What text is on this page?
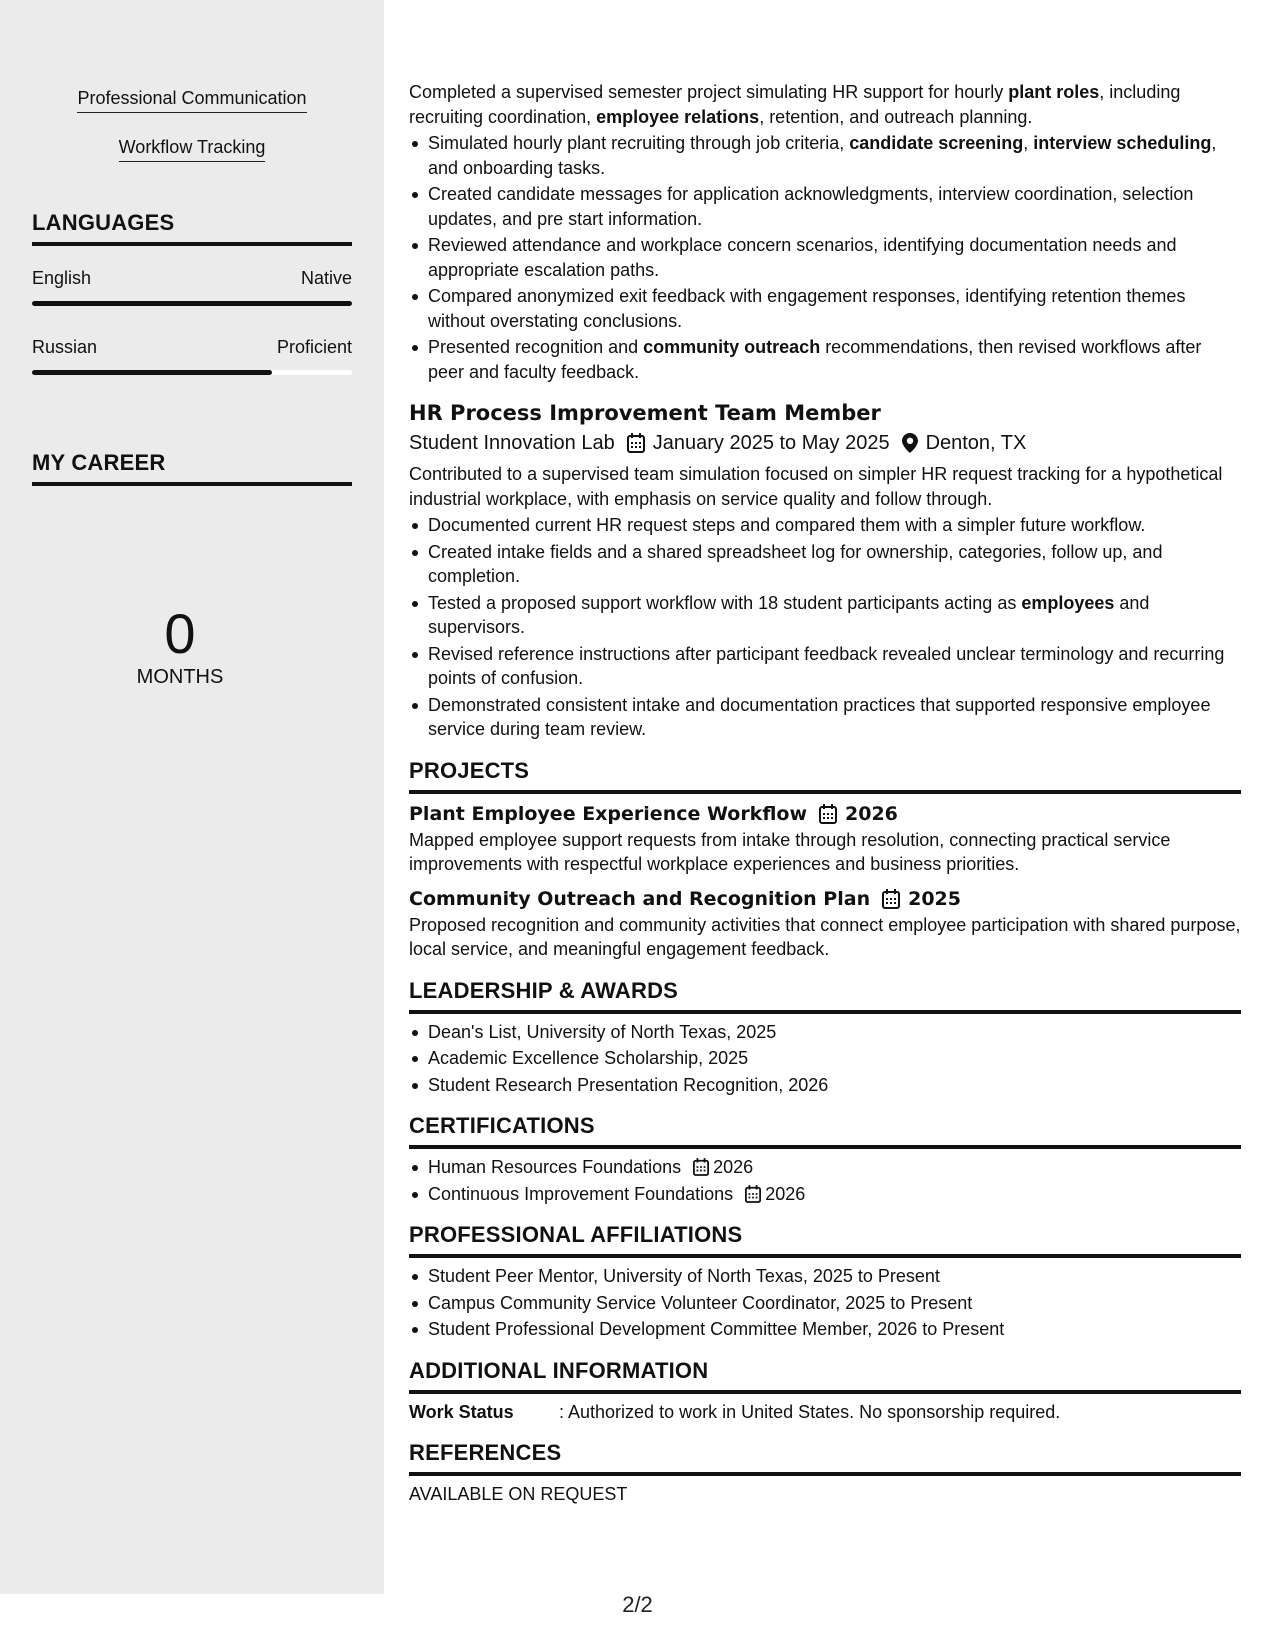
Professional Communication
Workflow Tracking
LANGUAGES
English	Native
Russian	Proficient
MY CAREER
0
MONTHS

Completed a supervised semester project simulating HR support for hourly plant roles, including recruiting coordination, employee relations, retention, and outreach planning.

Simulated hourly plant recruiting through job criteria, candidate screening, interview scheduling, and onboarding tasks.
Created candidate messages for application acknowledgments, interview coordination, selection updates, and pre start information.
Reviewed attendance and workplace concern scenarios, identifying documentation needs and appropriate escalation paths.
Compared anonymized exit feedback with engagement responses, identifying retention themes without overstating conclusions.
Presented recognition and community outreach recommendations, then revised workflows after peer and faculty feedback.
HR Process Improvement Team Member
Student Innovation Lab January 2025 to May 2025 Denton, TX

Contributed to a supervised team simulation focused on simpler HR request tracking for a hypothetical industrial workplace, with emphasis on service quality and follow through.

Documented current HR request steps and compared them with a simpler future workflow.
Created intake fields and a shared spreadsheet log for ownership, categories, follow up, and completion.
Tested a proposed support workflow with 18 student participants acting as employees and supervisors.
Revised reference instructions after participant feedback revealed unclear terminology and recurring points of confusion.
Demonstrated consistent intake and documentation practices that supported responsive employee service during team review.
PROJECTS
Plant Employee Experience Workflow 2026

Mapped employee support requests from intake through resolution, connecting practical service improvements with respectful workplace experiences and business priorities.

Community Outreach and Recognition Plan 2025

Proposed recognition and community activities that connect employee participation with shared purpose, local service, and meaningful engagement feedback.

LEADERSHIP & AWARDS
Dean's List, University of North Texas, 2025
Academic Excellence Scholarship, 2025
Student Research Presentation Recognition, 2026
CERTIFICATIONS
Human Resources Foundations 2026
Continuous Improvement Foundations 2026
PROFESSIONAL AFFILIATIONS
Student Peer Mentor, University of North Texas, 2025 to Present
Campus Community Service Volunteer Coordinator, 2025 to Present
Student Professional Development Committee Member, 2026 to Present
ADDITIONAL INFORMATION
Work Status	: Authorized to work in United States. No sponsorship required.
REFERENCES

AVAILABLE ON REQUEST

2/2
